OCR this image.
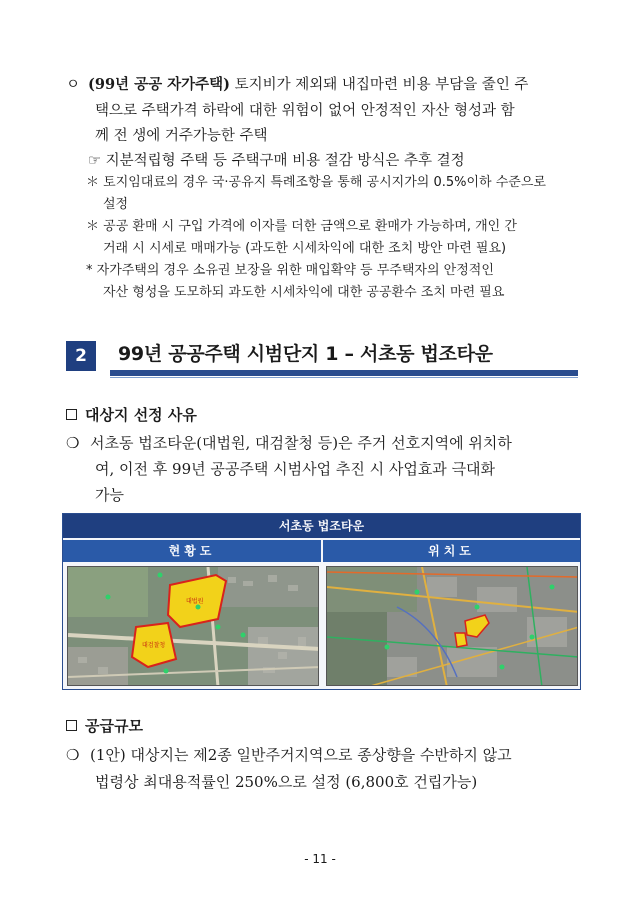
ㅇ (99년 공공 자가주택) 토지비가 제외돼 내집마련 비용 부담을 줄인 주
택으로 주택가격 하락에 대한 위험이 없어 안정적인 자산 형성과 함
께 전 생에 거주가능한 주택
☞ 지분적립형 주택 등 주택구매 비용 절감 방식은 추후 결정
＊ 토지임대료의 경우 국·공유지 특례조항을 통해 공시지가의 0.5%이하 수준으로
설정
＊ 공공 환매 시 구입 가격에 이자를 더한 금액으로 환매가 가능하며, 개인 간
거래 시 시세로 매매가능 (과도한 시세차익에 대한 조치 방안 마련 필요)
* 자가주택의 경우 소유권 보장을 위한 매입확약 등 무주택자의 안정적인
자산 형성을 도모하되 과도한 시세차익에 대한 공공환수 조치 마련 필요
2	99년 공공주택 시범단지 1 – 서초동 법조타운
대상지 선정 사유
❍ 서초동 법조타운(대법원, 대검찰청 등)은 주거 선호지역에 위치하
여, 이전 후 99년 공공주택 시범사업 추진 시 사업효과 극대화
가능
서초동 법조타운
현황도	위치도
대법원
대검찰청
공급규모
❍ (1안) 대상지는 제2종 일반주거지역으로 종상향을 수반하지 않고
법령상 최대용적률인 250%으로 설정 (6,800호 건립가능)
- 11 -
